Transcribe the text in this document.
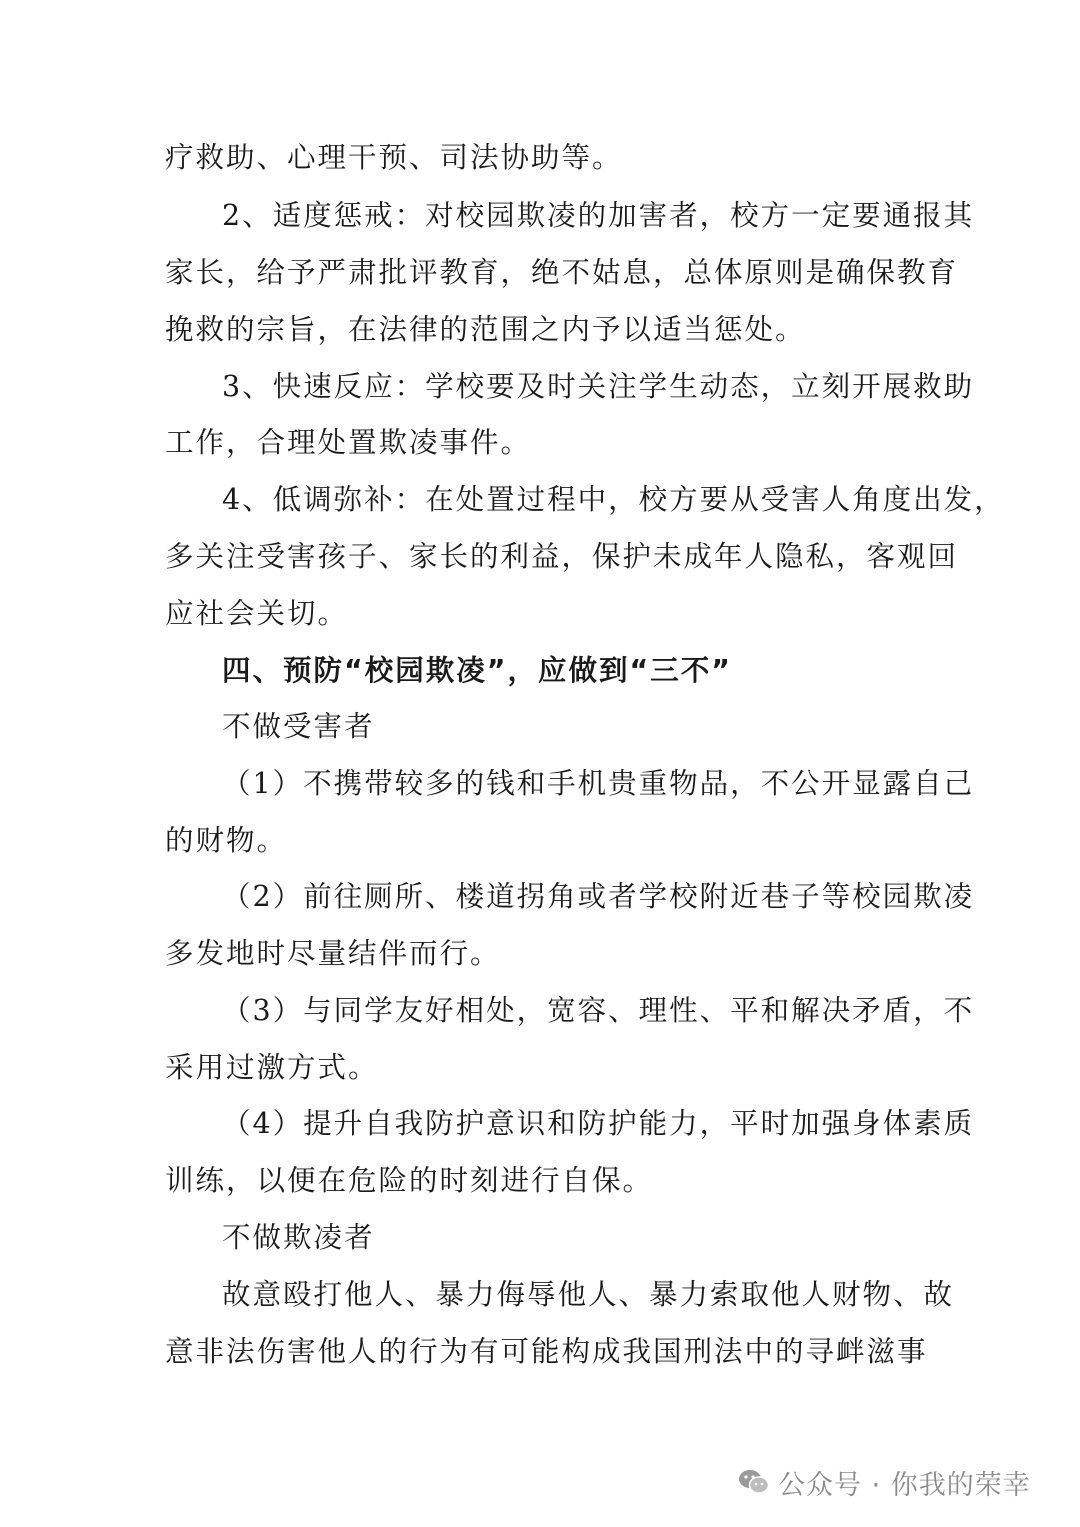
疗救助、心理干预、司法协助等。
2、适度惩戒：对校园欺凌的加害者，校方一定要通报其
家长，给予严肃批评教育，绝不姑息，总体原则是确保教育
挽救的宗旨，在法律的范围之内予以适当惩处。
3、快速反应：学校要及时关注学生动态，立刻开展救助
工作，合理处置欺凌事件。
4、低调弥补：在处置过程中，校方要从受害人角度出发，
多关注受害孩子、家长的利益，保护未成年人隐私，客观回
应社会关切。
四、预防“校园欺凌”，应做到“三不”
不做受害者
（1）不携带较多的钱和手机贵重物品，不公开显露自己
的财物。
（2）前往厕所、楼道拐角或者学校附近巷子等校园欺凌
多发地时尽量结伴而行。
（3）与同学友好相处，宽容、理性、平和解决矛盾，不
采用过激方式。
（4）提升自我防护意识和防护能力，平时加强身体素质
训练，以便在危险的时刻进行自保。
不做欺凌者
故意殴打他人、暴力侮辱他人、暴力索取他人财物、故
意非法伤害他人的行为有可能构成我国刑法中的寻衅滋事
公众号 · 你我的荣幸
